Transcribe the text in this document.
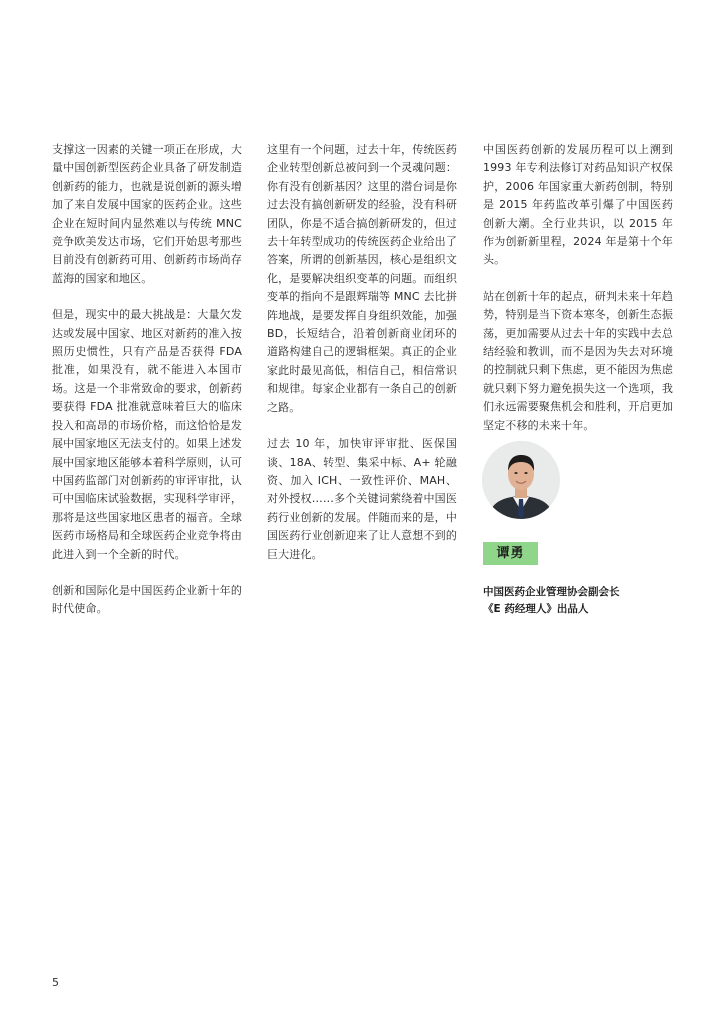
支撑这一因素的关键一项正在形成，大量中国创新型医药企业具备了研发制造创新药的能力，也就是说创新的源头增加了来自发展中国家的医药企业。这些企业在短时间内显然难以与传统 MNC 竞争欧美发达市场，它们开始思考那些目前没有创新药可用、创新药市场尚存蓝海的国家和地区。

但是，现实中的最大挑战是：大量欠发达或发展中国家、地区对新药的准入按照历史惯性，只有产品是否获得 FDA 批准，如果没有，就不能进入本国市场。这是一个非常致命的要求，创新药要获得 FDA 批准就意味着巨大的临床投入和高昂的市场价格，而这恰恰是发展中国家地区无法支付的。如果上述发展中国家地区能够本着科学原则，认可中国药监部门对创新药的审评审批，认可中国临床试验数据，实现科学审评，那将是这些国家地区患者的福音。全球医药市场格局和全球医药企业竞争将由此进入到一个全新的时代。

创新和国际化是中国医药企业新十年的时代使命。

这里有一个问题，过去十年，传统医药企业转型创新总被问到一个灵魂问题：你有没有创新基因？这里的潜台词是你过去没有搞创新研发的经验，没有科研团队，你是不适合搞创新研发的，但过去十年转型成功的传统医药企业给出了答案，所谓的创新基因，核心是组织文化，是要解决组织变革的问题。而组织变革的指向不是跟辉瑞等 MNC 去比拼阵地战，是要发挥自身组织效能，加强 BD，长短结合，沿着创新商业闭环的道路构建自己的逻辑框架。真正的企业家此时最见高低，相信自己，相信常识和规律。每家企业都有一条自己的创新之路。

过去 10 年，加快审评审批、医保国谈、18A、转型、集采中标、A+ 轮融资、加入 ICH、一致性评价、MAH、对外授权……多个关键词萦绕着中国医药行业创新的发展。伴随而来的是，中国医药行业创新迎来了让人意想不到的巨大进化。

中国医药创新的发展历程可以上溯到 1993 年专利法修订对药品知识产权保护，2006 年国家重大新药创制，特别是 2015 年药监改革引爆了中国医药创新大潮。全行业共识，以 2015 年作为创新新里程，2024 年是第十个年头。

站在创新十年的起点，研判未来十年趋势，特别是当下资本寒冬，创新生态振荡，更加需要从过去十年的实践中去总结经验和教训，而不是因为失去对环境的控制就只剩下焦虑，更不能因为焦虑就只剩下努力避免损失这一个选项，我们永远需要聚焦机会和胜利，开启更加坚定不移的未来十年。

谭勇
中国医药企业管理协会副会长
《E 药经理人》出品人
5
